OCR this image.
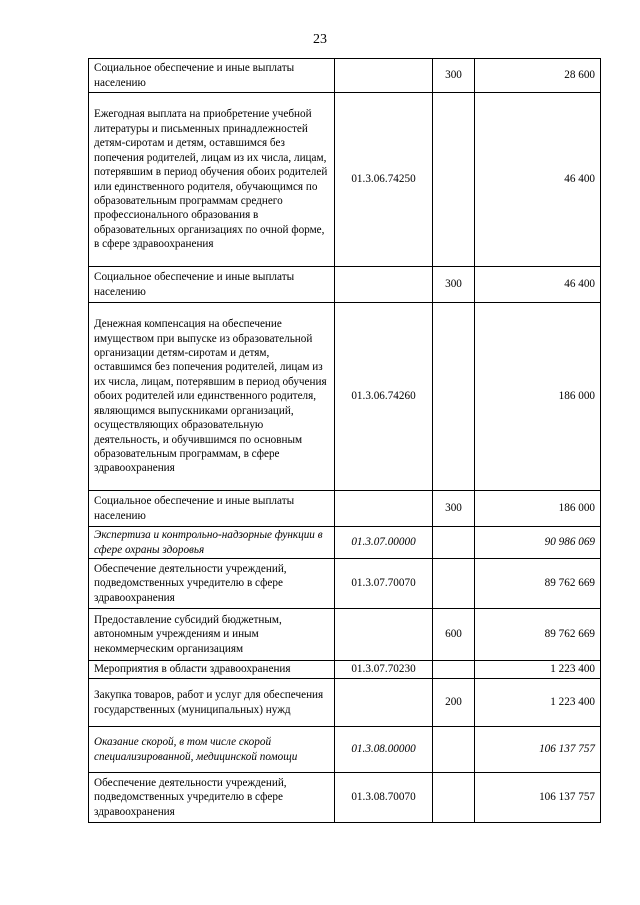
23
Социальное обеспечение и иные выплаты населению		300	28 600
Ежегодная выплата на приобретение учебной литературы и письменных принадлежностей детям-сиротам и детям, оставшимся без попечения родителей, лицам из их числа, лицам, потерявшим в период обучения обоих родителей или единственного родителя, обучающимся по образовательным программам среднего профессионального образования в образовательных организациях по очной форме, в сфере здравоохранения	01.3.06.74250		46 400
Социальное обеспечение и иные выплаты населению		300	46 400
Денежная компенсация на обеспечение имуществом при выпуске из образовательной организации детям-сиротам и детям, оставшимся без попечения родителей, лицам из их числа, лицам, потерявшим в период обучения обоих родителей или единственного родителя, являющимся выпускниками организаций, осуществляющих образовательную деятельность, и обучившимся по основным образовательным программам, в сфере здравоохранения	01.3.06.74260		186 000
Социальное обеспечение и иные выплаты населению		300	186 000
Экспертиза и контрольно-надзорные функции в сфере охраны здоровья	01.3.07.00000		90 986 069
Обеспечение деятельности учреждений, подведомственных учредителю в сфере здравоохранения	01.3.07.70070		89 762 669
Предоставление субсидий бюджетным, автономным учреждениям и иным некоммерческим организациям		600	89 762 669
Мероприятия в области здравоохранения	01.3.07.70230		1 223 400
Закупка товаров, работ и услуг для обеспечения государственных (муниципальных) нужд		200	1 223 400
Оказание скорой, в том числе скорой специализированной, медицинской помощи	01.3.08.00000		106 137 757
Обеспечение деятельности учреждений, подведомственных учредителю в сфере здравоохранения	01.3.08.70070		106 137 757
